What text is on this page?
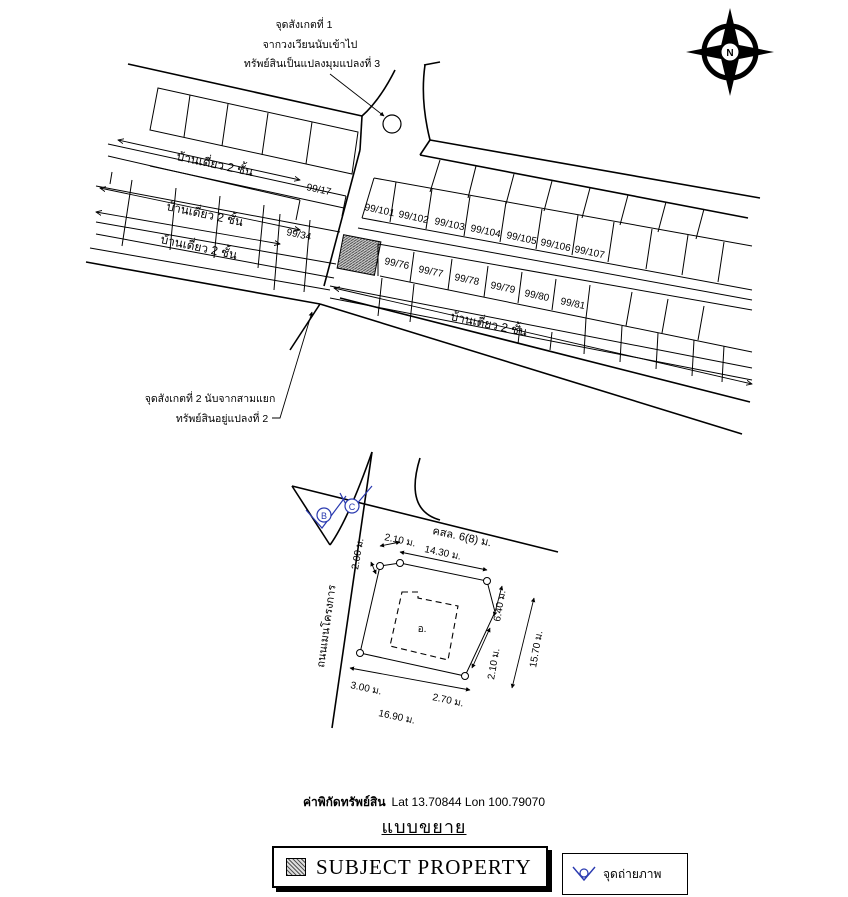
N
บ้านเดี่ยว 2 ชั้น
บ้านเดี่ยว 2 ชั้น
บ้านเดี่ยว 2 ชั้น
บ้านเดี่ยว 2 ชั้น
99/17
99/34
99/101 99/102 99/103 99/104 99/105 99/106 99/107
99/76
99/77
99/78
99/79
99/80
99/81
จุดสังเกตที่ 1
จากวงเวียนนับเข้าไป
ทรัพย์สินเป็นแปลงมุมแปลงที่ 3
จุดสังเกตที่ 2 นับจากสามแยก
ทรัพย์สินอยู่แปลงที่ 2
B
C
อ.
ถนนเมนโครงการ
คสล. 6(8) ม.
2.10 ม.
14.30 ม.
2.00 ม.
6.40 ม.
15.70 ม.
2.10 ม.
3.00 ม.
2.70 ม.
16.90 ม.
ค่าพิกัดทรัพย์สิน Lat 13.70844 Lon 100.79070
แบบขยาย
SUBJECT PROPERTY	จุดถ่ายภาพ
